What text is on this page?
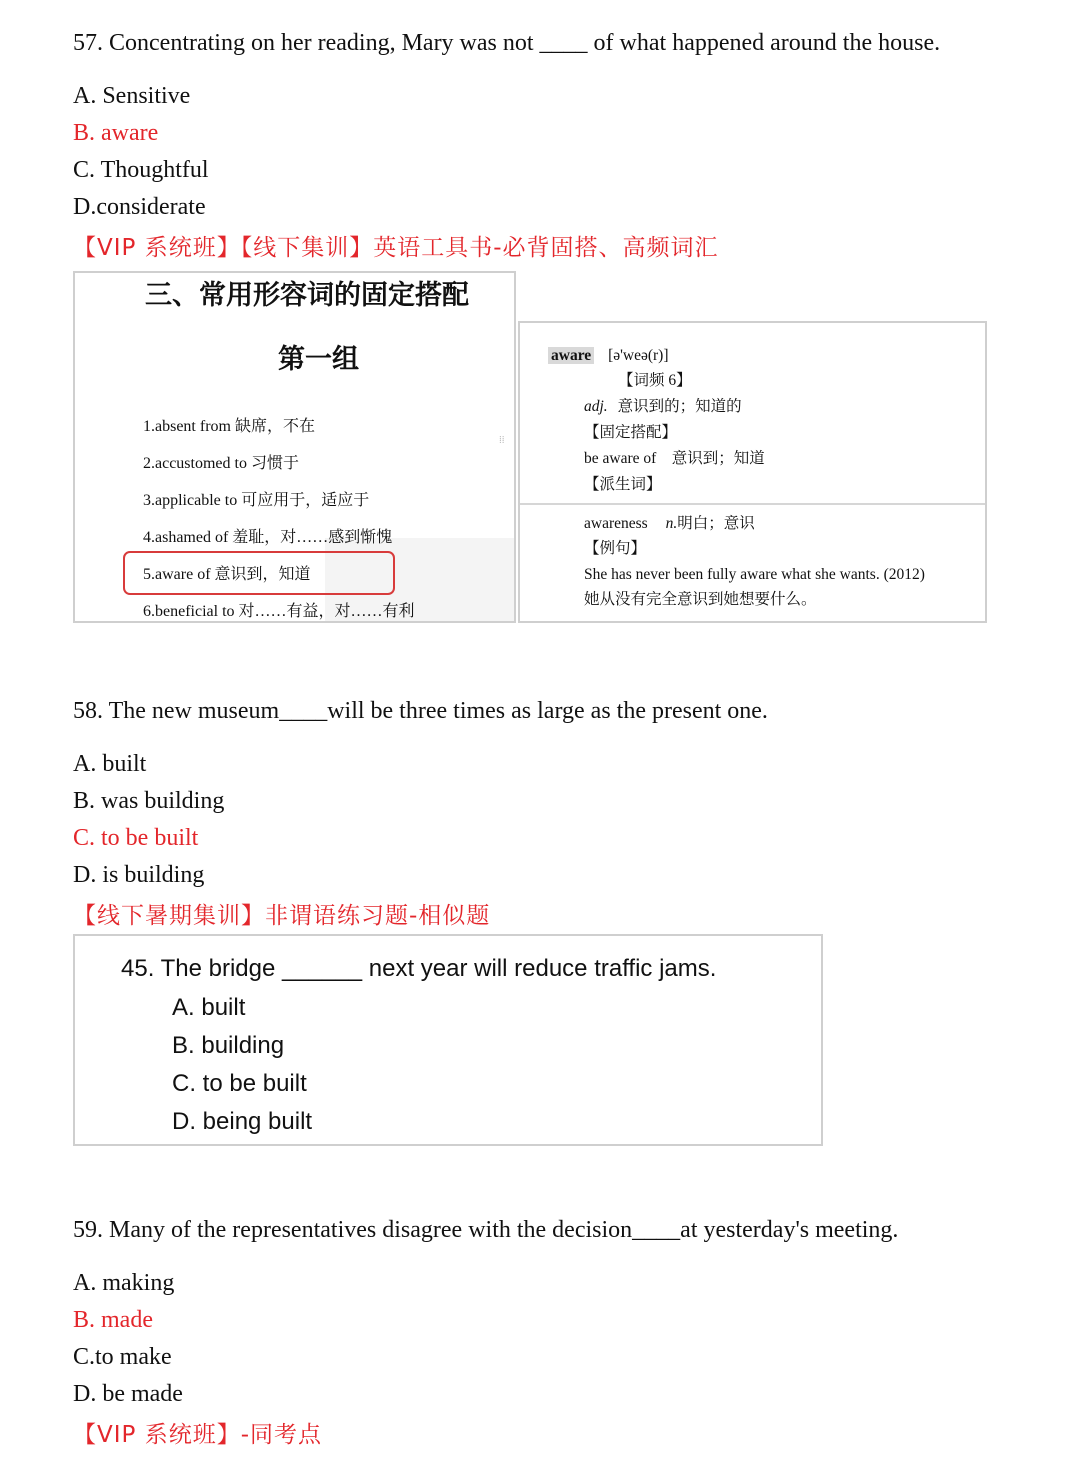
57. Concentrating on her reading, Mary was not ____ of what happened around the house.
A. Sensitive
B. aware
C. Thoughtful
D.considerate
【VIP 系统班】【线下集训】英语工具书-必背固搭、高频词汇
三、常用形容词的固定搭配
第一组
1.absent from 缺席，不在
2.accustomed to 习惯于
3.applicable to 可应用于，适应于
4.ashamed of 羞耻，对……感到惭愧
5.aware of 意识到，知道
6.beneficial to 对……有益，对……有利
⁞⁞
aware [ə'weə(r)]
【词频 6】
adj. 意识到的；知道的
【固定搭配】
be aware of    意识到；知道
【派生词】
awareness n.明白；意识
【例句】
She has never been fully aware what she wants. (2012)
她从没有完全意识到她想要什么。
58. The new museum____will be three times as large as the present one.
A. built
B. was building
C. to be built
D. is building
【线下暑期集训】非谓语练习题-相似题
45. The bridge ______ next year will reduce traffic jams.
A. built
B. building
C. to be built
D. being built
59. Many of the representatives disagree with the decision____at yesterday's meeting.
A. making
B. made
C.to make
D. be made
【VIP 系统班】-同考点
